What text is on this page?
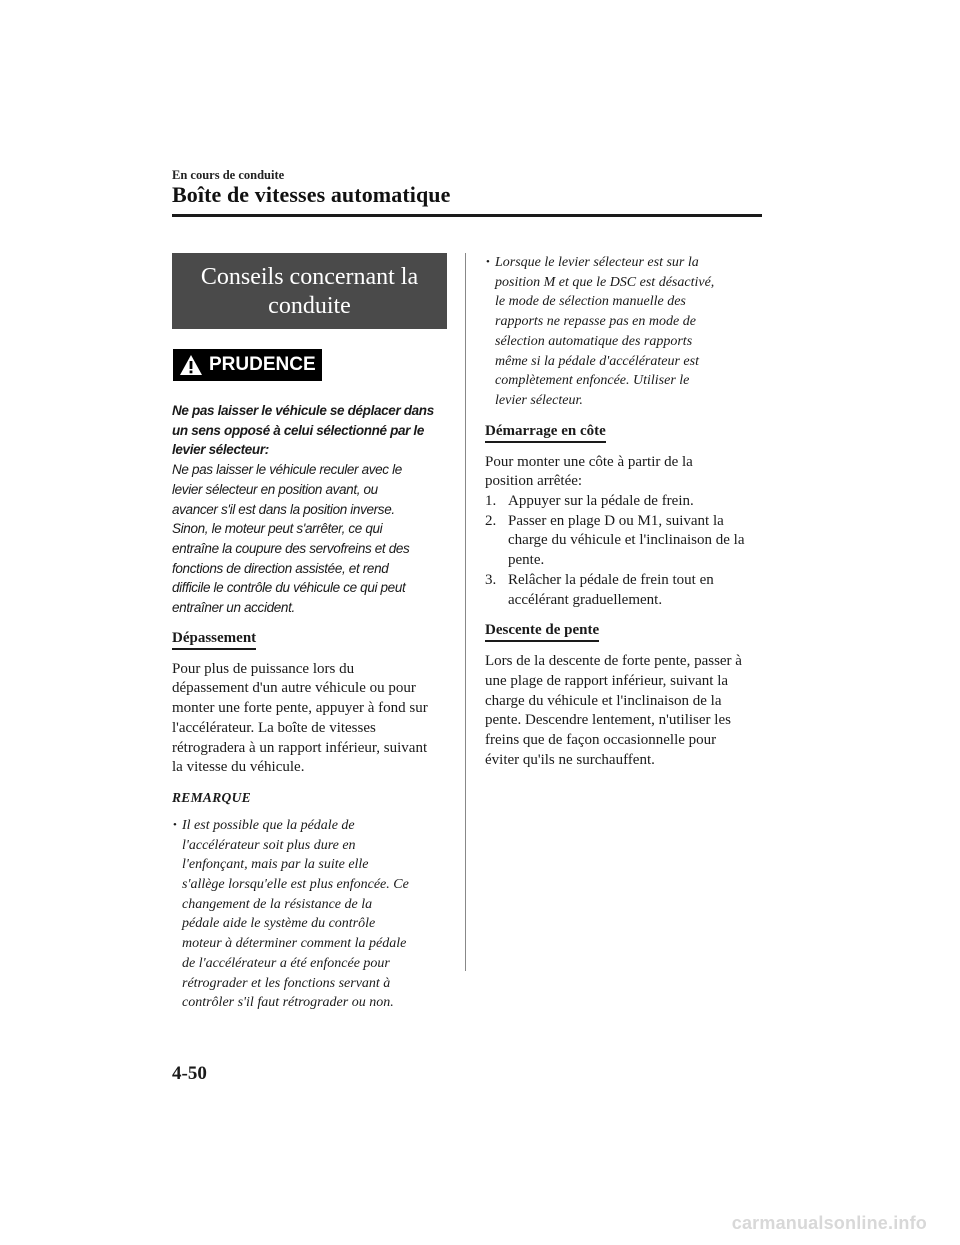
En cours de conduite
Boîte de vitesses automatique
Conseils concernant la conduite
PRUDENCE
Ne pas laisser le véhicule se déplacer dans
un sens opposé à celui sélectionné par le
levier sélecteur:
Ne pas laisser le véhicule reculer avec le
levier sélecteur en position avant, ou
avancer s'il est dans la position inverse.
Sinon, le moteur peut s'arrêter, ce qui
entraîne la coupure des servofreins et des
fonctions de direction assistée, et rend
difficile le contrôle du véhicule ce qui peut
entraîner un accident.
Dépassement
Pour plus de puissance lors du
dépassement d'un autre véhicule ou pour
monter une forte pente, appuyer à fond sur
l'accélérateur. La boîte de vitesses
rétrogradera à un rapport inférieur, suivant
la vitesse du véhicule.
REMARQUE
• Il est possible que la pédale de
l'accélérateur soit plus dure en
l'enfonçant, mais par la suite elle
s'allège lorsqu'elle est plus enfoncée. Ce
changement de la résistance de la
pédale aide le système du contrôle
moteur à déterminer comment la pédale
de l'accélérateur a été enfoncée pour
rétrograder et les fonctions servant à
contrôler s'il faut rétrograder ou non.
• Lorsque le levier sélecteur est sur la
position M et que le DSC est désactivé,
le mode de sélection manuelle des
rapports ne repasse pas en mode de
sélection automatique des rapports
même si la pédale d'accélérateur est
complètement enfoncée. Utiliser le
levier sélecteur.
Démarrage en côte
Pour monter une côte à partir de la
position arrêtée:
1. Appuyer sur la pédale de frein.
2. Passer en plage D ou M1, suivant la
charge du véhicule et l'inclinaison de la
pente.
3. Relâcher la pédale de frein tout en
accélérant graduellement.
Descente de pente
Lors de la descente de forte pente, passer à
une plage de rapport inférieur, suivant la
charge du véhicule et l'inclinaison de la
pente. Descendre lentement, n'utiliser les
freins que de façon occasionnelle pour
éviter qu'ils ne surchauffent.
4-50
carmanualsonline.info
